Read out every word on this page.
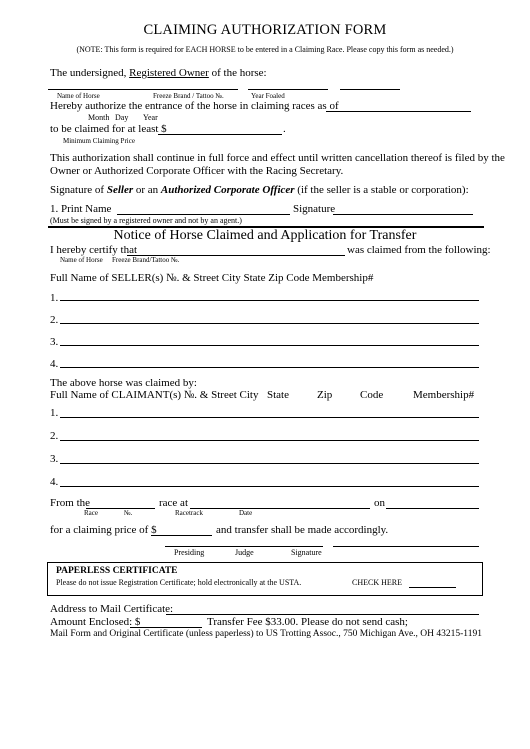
CLAIMING AUTHORIZATION FORM
(NOTE: This form is required for EACH HORSE to be entered in a Claiming Race. Please copy this form as needed.)
The undersigned, Registered Owner of the horse:
Name of Horse	Freeze Brand / Tattoo №.	Year Foaled
Hereby authorize the entrance of the horse in claiming races as of
Month Day Year
to be claimed for at least $	.
Minimum Claiming Price
This authorization shall continue in full force and effect until written cancellation thereof is filed by the
Owner or Authorized Corporate Officer with the Racing Secretary.
Signature of Seller or an Authorized Corporate Officer (if the seller is a stable or corporation):
1. Print Name	Signature
(Must be signed by a registered owner and not by an agent.)
Notice of Horse Claimed and Application for Transfer
I hereby certify that	was claimed from the following:
Name of Horse Freeze Brand/Tattoo №.
Full Name of SELLER(s) №. & Street City State Zip Code Membership#
1.
2.
3.
4.
The above horse was claimed by:
Full Name of CLAIMANT(s) №. & Street City State	Zip	Code	Membership#
1.
2.
3.
4.
From the	race at	on
Race	№.	Racetrack	Date
for a claiming price of $	and transfer shall be made accordingly.
Presiding	Judge	Signature
PAPERLESS CERTIFICATE
Please do not issue Registration Certificate; hold electronically at the USTA.	CHECK HERE
Address to Mail Certificate:
Amount Enclosed: $	Transfer Fee $33.00. Please do not send cash;
Mail Form and Original Certificate (unless paperless) to US Trotting Assoc., 750 Michigan Ave., OH 43215-1191
